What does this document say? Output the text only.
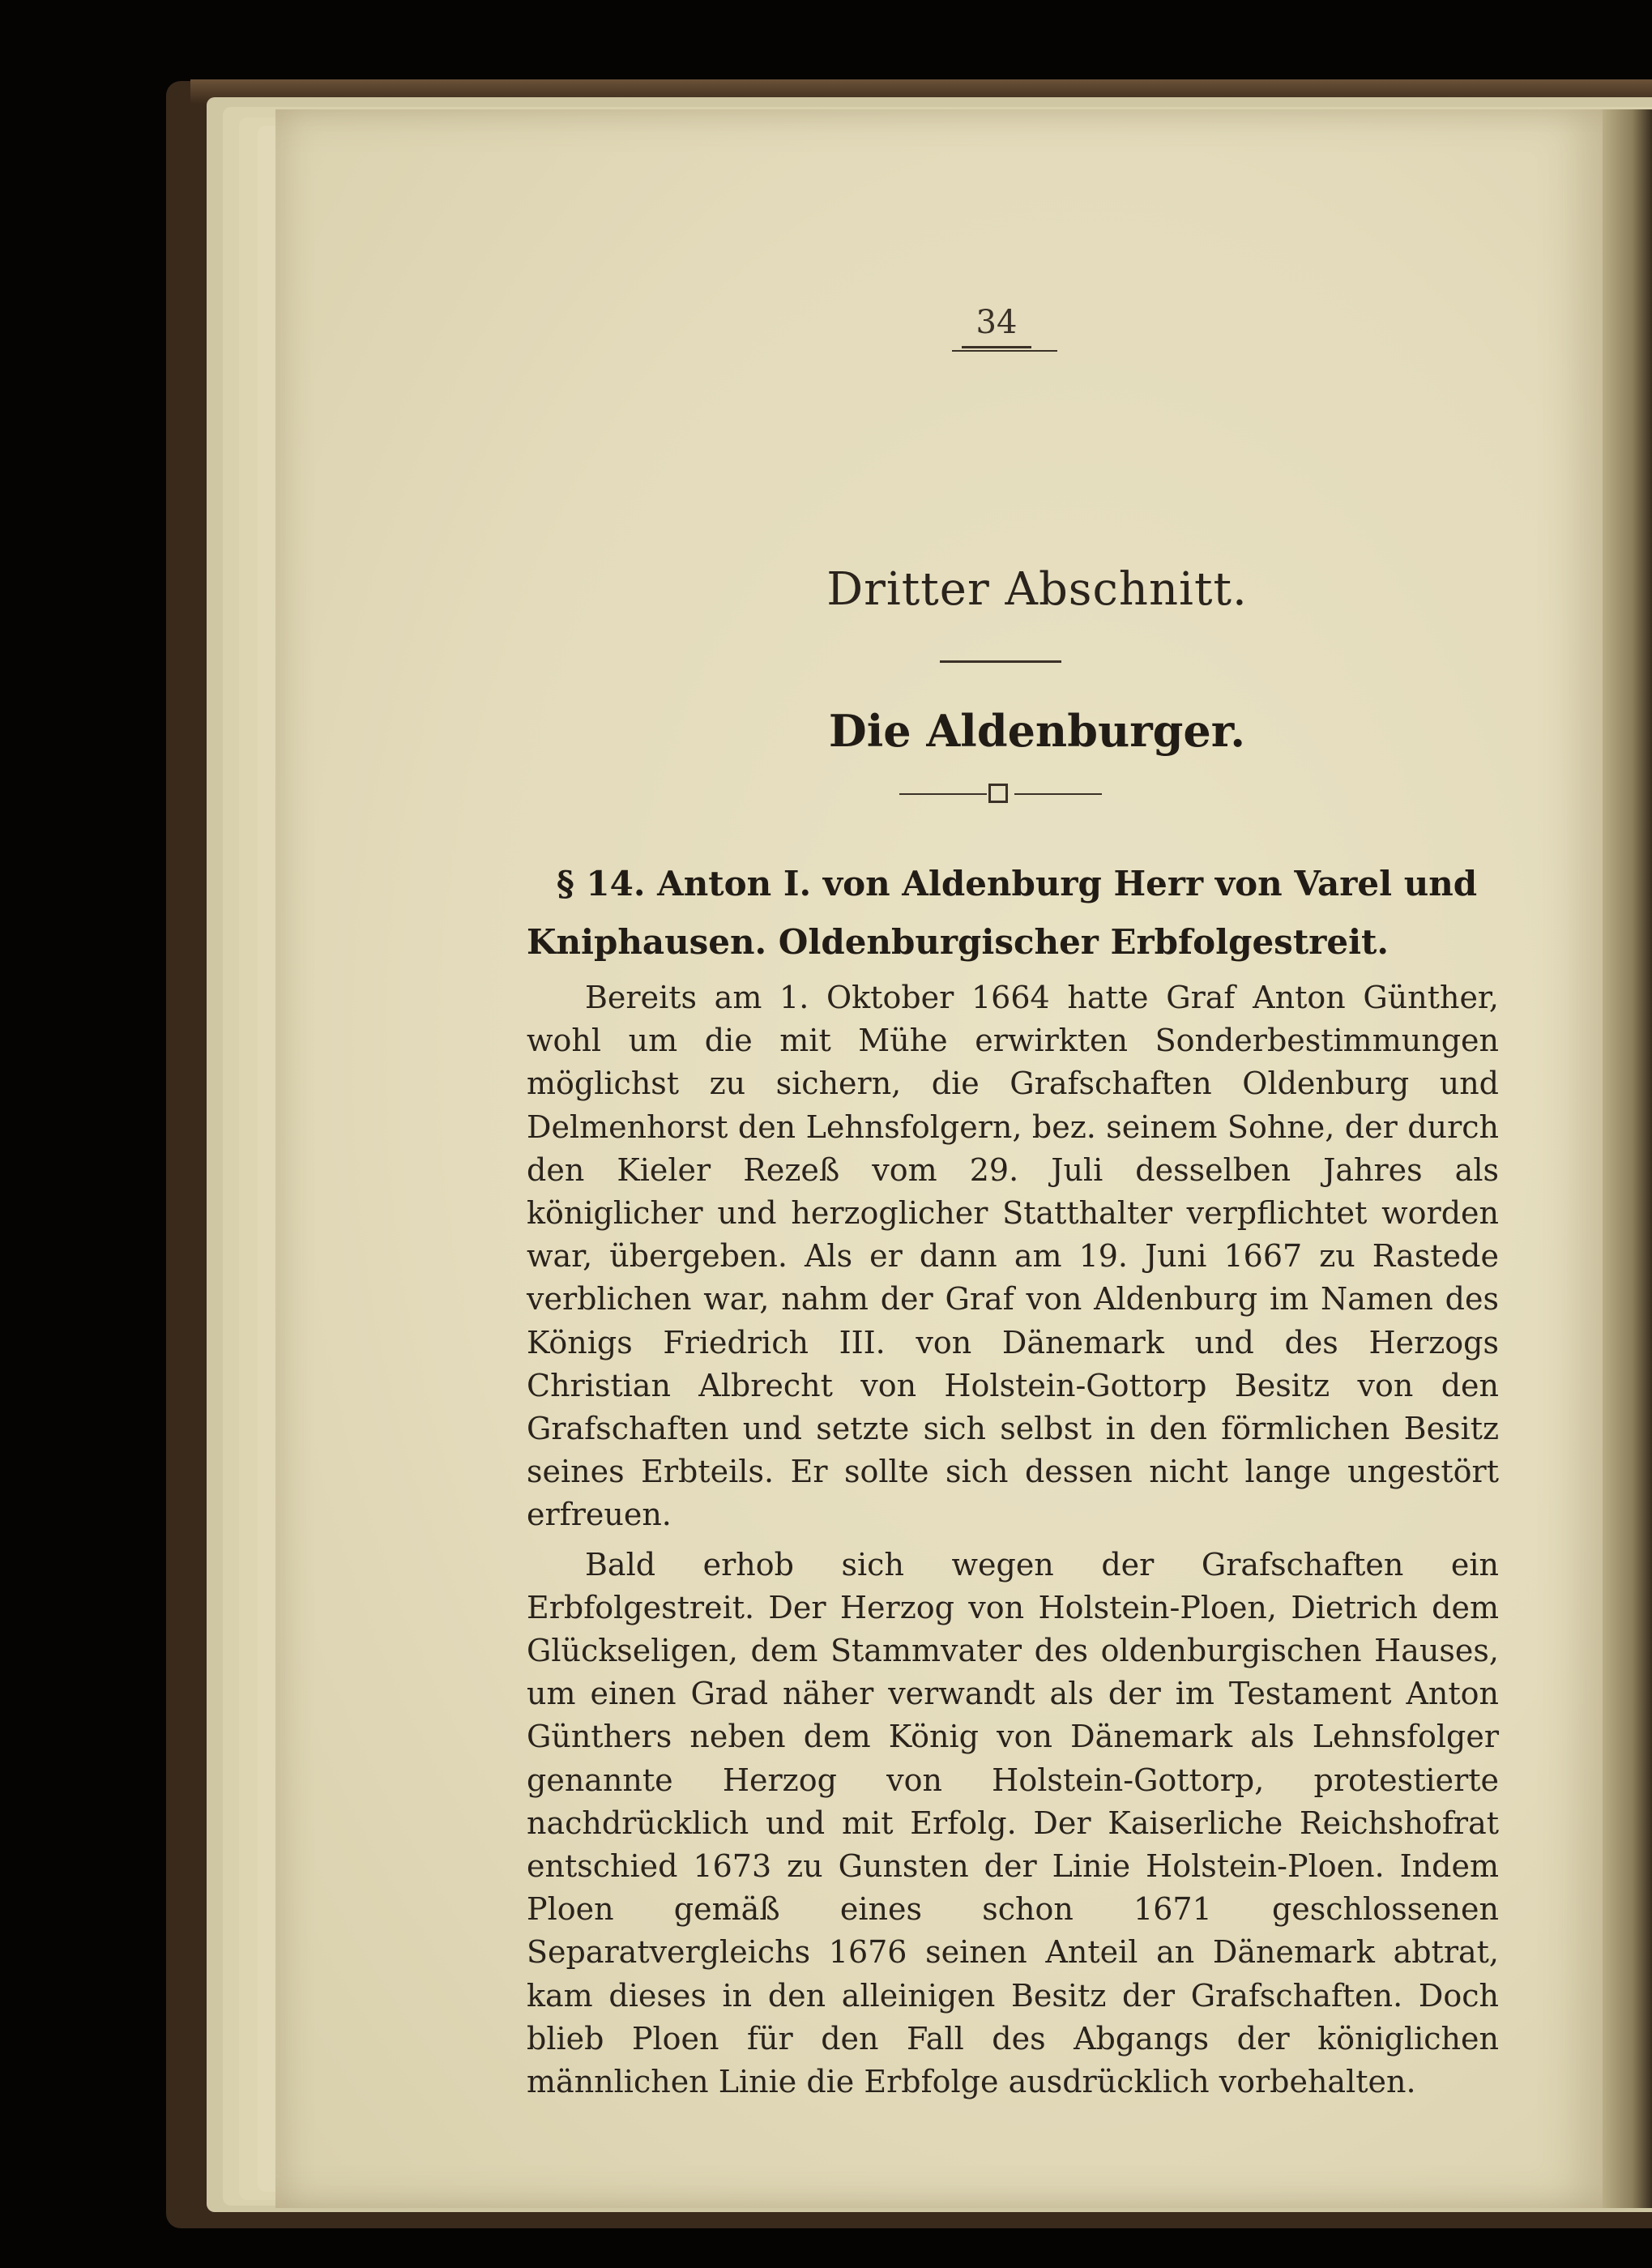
34
Dritter Abschnitt.
Die Aldenburger.
§ 14. Anton I. von Aldenburg Herr von Varel und
Kniphausen. Oldenburgischer Erbfolgestreit.

Bereits am 1. Oktober 1664 hatte Graf Anton Günther, wohl um die mit Mühe erwirkten Sonderbestimmungen möglichst zu sichern, die Grafschaften Oldenburg und Delmenhorst den Lehnsfolgern, bez. seinem Sohne, der durch den Kieler Rezeß vom 29. Juli desselben Jahres als königlicher und herzoglicher Statthalter verpflichtet worden war, übergeben. Als er dann am 19. Juni 1667 zu Rastede verblichen war, nahm der Graf von Aldenburg im Namen des Königs Friedrich III. von Dänemark und des Herzogs Christian Albrecht von Holstein-Gottorp Besitz von den Grafschaften und setzte sich selbst in den förmlichen Besitz seines Erbteils. Er sollte sich dessen nicht lange ungestört erfreuen.

Bald erhob sich wegen der Grafschaften ein Erbfolgestreit. Der Herzog von Holstein-Ploen, Dietrich dem Glückseligen, dem Stammvater des oldenburgischen Hauses, um einen Grad näher verwandt als der im Testament Anton Günthers neben dem König von Dänemark als Lehnsfolger genannte Herzog von Holstein-Gottorp, protestierte nachdrücklich und mit Erfolg. Der Kaiserliche Reichshofrat entschied 1673 zu Gunsten der Linie Holstein-Ploen. Indem Ploen gemäß eines schon 1671 geschlossenen Separatvergleichs 1676 seinen Anteil an Dänemark abtrat, kam dieses in den alleinigen Besitz der Grafschaften. Doch blieb Ploen für den Fall des Abgangs der königlichen männlichen Linie die Erbfolge ausdrücklich vorbehalten.
